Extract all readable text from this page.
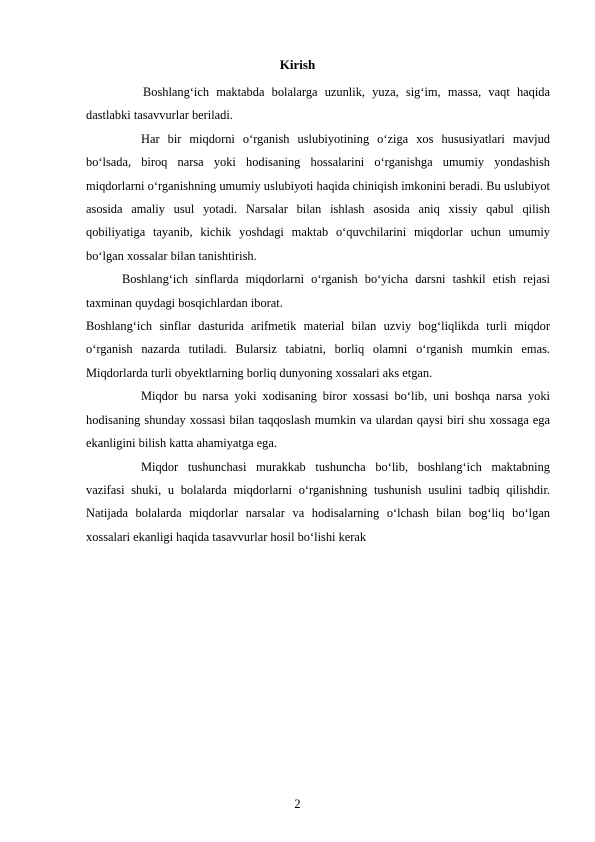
Kirish

Boshlang‘ich maktabda bolalarga uzunlik, yuza, sig‘im, massa, vaqt haqida dastlabki tasavvurlar beriladi.

Har bir miqdorni o‘rganish uslubiyotining o‘ziga xos hususiyatlari mavjud bo‘lsada, biroq narsa yoki hodisaning hossalarini o‘rganishga umumiy yondashish miqdorlarni o‘rganishning umumiy uslubiyoti haqida chiniqish imkonini beradi. Bu uslubiyot asosida amaliy usul yotadi. Narsalar bilan ishlash asosida aniq xissiy qabul qilish qobiliyatiga tayanib, kichik yoshdagi maktab o‘quvchilarini miqdorlar uchun umumiy bo‘lgan xossalar bilan tanishtirish.

Boshlang‘ich sinflarda miqdorlarni o‘rganish bo‘yicha darsni tashkil etish rejasi taxminan quydagi bosqichlardan iborat.

Boshlang‘ich sinflar dasturida arifmetik material bilan uzviy bog‘liqlikda turli miqdor o‘rganish nazarda tutiladi. Bularsiz tabiatni, borliq olamni o‘rganish mumkin emas. Miqdorlarda turli obyektlarning borliq dunyoning xossalari aks etgan.

Miqdor bu narsa yoki xodisaning biror xossasi bo‘lib, uni boshqa narsa yoki hodisaning shunday xossasi bilan taqqoslash mumkin va ulardan qaysi biri shu xossaga ega ekanligini bilish katta ahamiyatga ega.

Miqdor tushunchasi murakkab tushuncha bo‘lib, boshlang‘ich maktabning vazifasi shuki, u bolalarda miqdorlarni o‘rganishning tushunish usulini tadbiq qilishdir. Natijada bolalarda miqdorlar narsalar va hodisalarning o‘lchash bilan bog‘liq bo‘lgan xossalari ekanligi haqida tasavvurlar hosil bo‘lishi kerak

2
